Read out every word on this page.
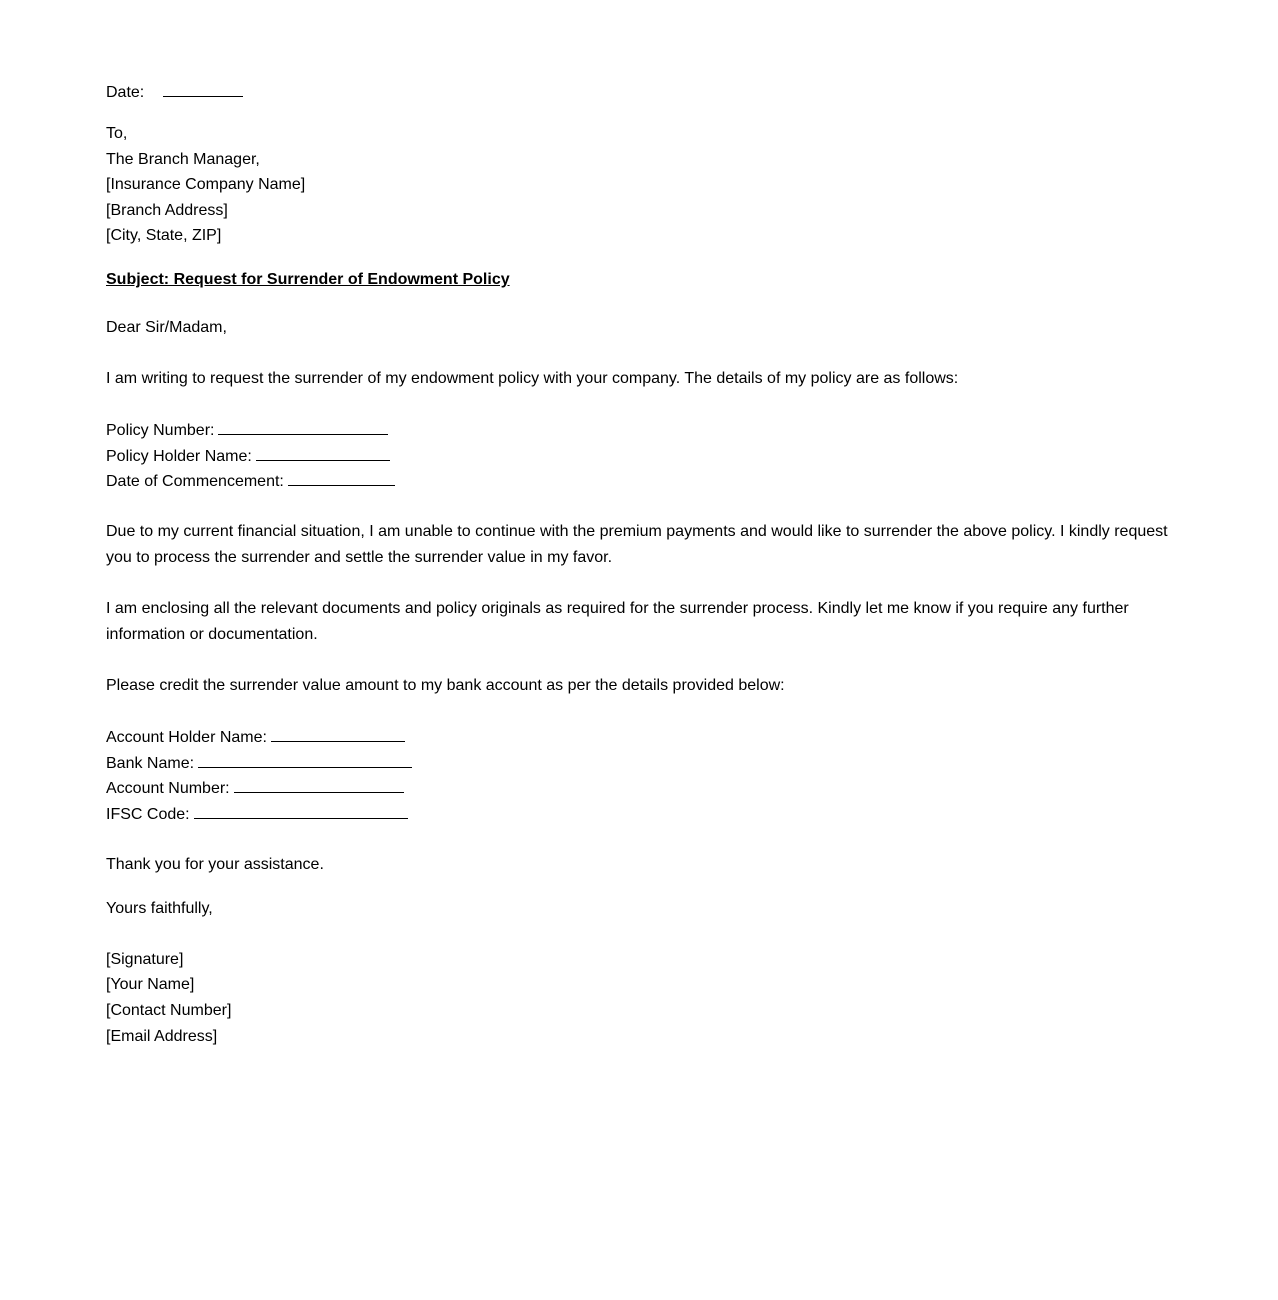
Date:
To,
The Branch Manager,
[Insurance Company Name]
[Branch Address]
[City, State, ZIP]
Subject: Request for Surrender of Endowment Policy
Dear Sir/Madam,
I am writing to request the surrender of my endowment policy with your company. The details of my policy are as follows:
Policy Number:
Policy Holder Name:
Date of Commencement:
Due to my current financial situation, I am unable to continue with the premium payments and would like to surrender the above policy. I kindly request you to process the surrender and settle the surrender value in my favor.
I am enclosing all the relevant documents and policy originals as required for the surrender process. Kindly let me know if you require any further information or documentation.
Please credit the surrender value amount to my bank account as per the details provided below:
Account Holder Name:
Bank Name:
Account Number:
IFSC Code:
Thank you for your assistance.
Yours faithfully,
[Signature]
[Your Name]
[Contact Number]
[Email Address]
